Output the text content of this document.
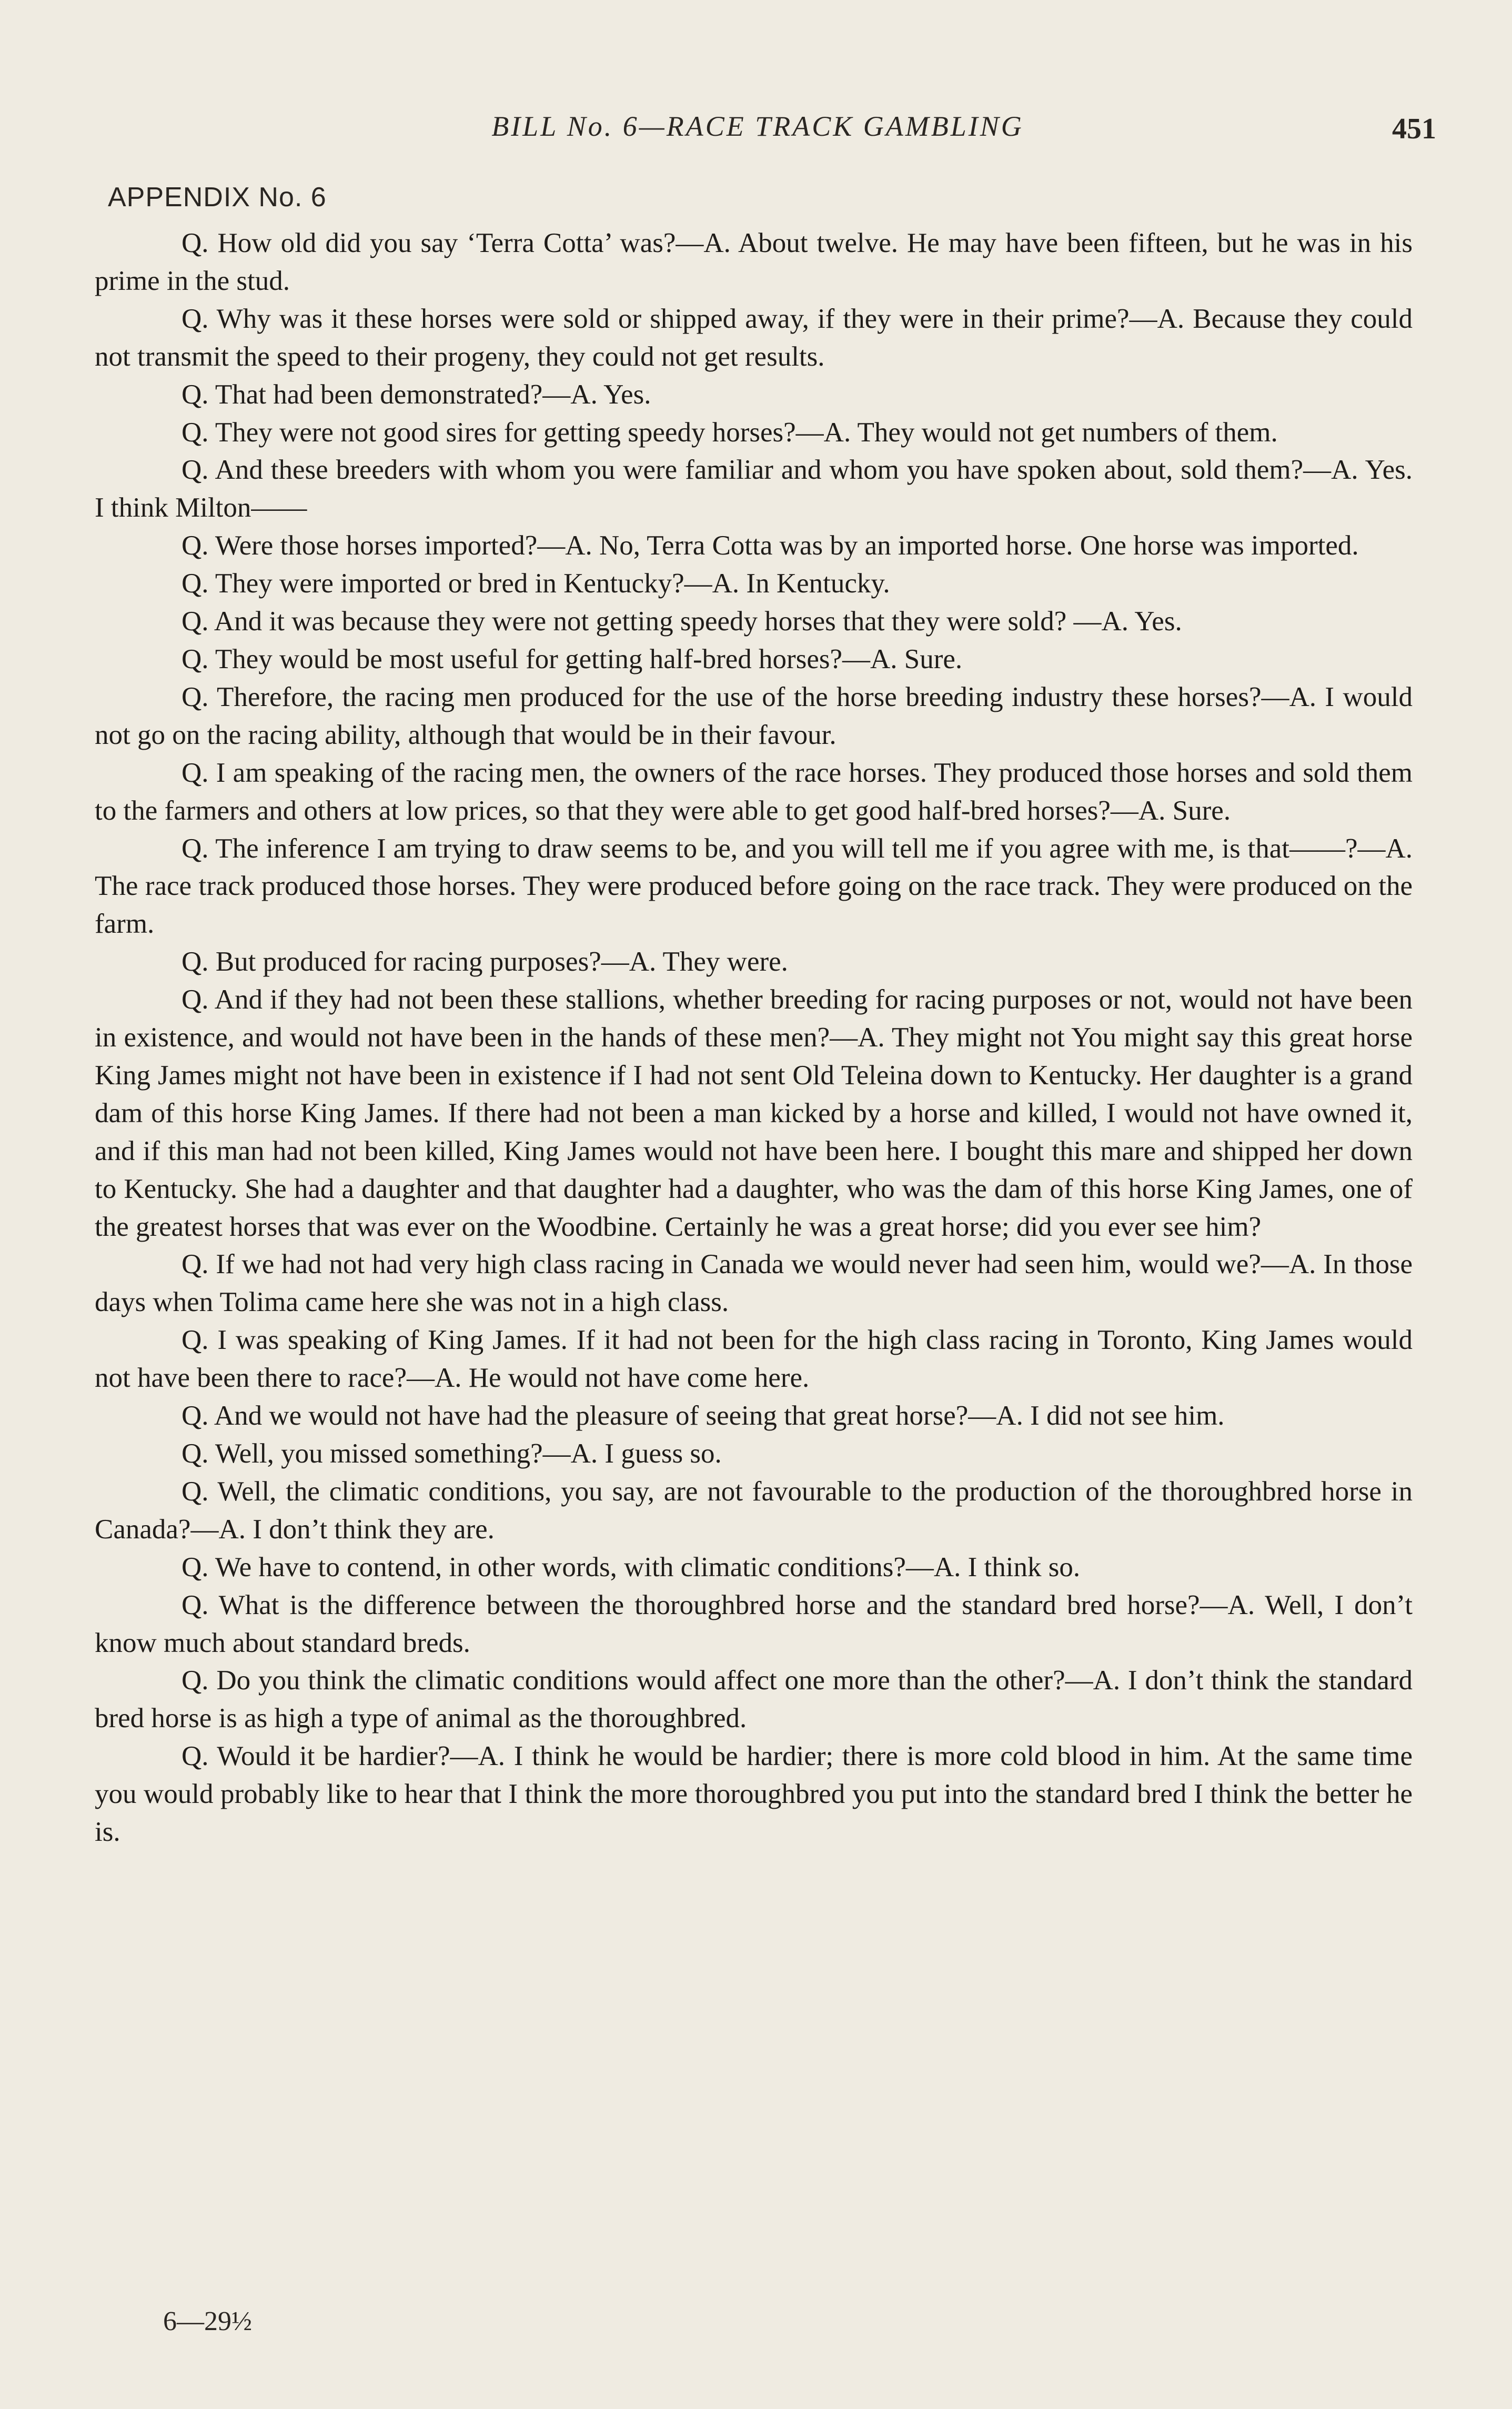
BILL No. 6—RACE TRACK GAMBLING	451
APPENDIX No. 6

Q. How old did you say ‘Terra Cotta’ was?—A. About twelve. He may have been fifteen, but he was in his prime in the stud.

Q. Why was it these horses were sold or shipped away, if they were in their prime?—A. Because they could not transmit the speed to their progeny, they could not get results.

Q. That had been demonstrated?—A. Yes.

Q. They were not good sires for getting speedy horses?—A. They would not get numbers of them.

Q. And these breeders with whom you were familiar and whom you have spoken about, sold them?—A. Yes. I think Milton——

Q. Were those horses imported?—A. No, Terra Cotta was by an imported horse. One horse was imported.

Q. They were imported or bred in Kentucky?—A. In Kentucky.

Q. And it was because they were not getting speedy horses that they were sold? —A. Yes.

Q. They would be most useful for getting half-bred horses?—A. Sure.

Q. Therefore, the racing men produced for the use of the horse breeding industry these horses?—A. I would not go on the racing ability, although that would be in their favour.

Q. I am speaking of the racing men, the owners of the race horses. They produced those horses and sold them to the farmers and others at low prices, so that they were able to get good half-bred horses?—A. Sure.

Q. The inference I am trying to draw seems to be, and you will tell me if you agree with me, is that——?—A. The race track produced those horses. They were produced before going on the race track. They were produced on the farm.

Q. But produced for racing purposes?—A. They were.

Q. And if they had not been these stallions, whether breeding for racing purposes or not, would not have been in existence, and would not have been in the hands of these men?—A. They might not You might say this great horse King James might not have been in existence if I had not sent Old Teleina down to Kentucky. Her daughter is a grand dam of this horse King James. If there had not been a man kicked by a horse and killed, I would not have owned it, and if this man had not been killed, King James would not have been here. I bought this mare and shipped her down to Kentucky. She had a daughter and that daughter had a daughter, who was the dam of this horse King James, one of the greatest horses that was ever on the Woodbine. Certainly he was a great horse; did you ever see him?

Q. If we had not had very high class racing in Canada we would never had seen him, would we?—A. In those days when Tolima came here she was not in a high class.

Q. I was speaking of King James. If it had not been for the high class racing in Toronto, King James would not have been there to race?—A. He would not have come here.

Q. And we would not have had the pleasure of seeing that great horse?—A. I did not see him.

Q. Well, you missed something?—A. I guess so.

Q. Well, the climatic conditions, you say, are not favourable to the production of the thoroughbred horse in Canada?—A. I don’t think they are.

Q. We have to contend, in other words, with climatic conditions?—A. I think so.

Q. What is the difference between the thoroughbred horse and the standard bred horse?—A. Well, I don’t know much about standard breds.

Q. Do you think the climatic conditions would affect one more than the other?—A. I don’t think the standard bred horse is as high a type of animal as the thoroughbred.

Q. Would it be hardier?—A. I think he would be hardier; there is more cold blood in him. At the same time you would probably like to hear that I think the more thoroughbred you put into the standard bred I think the better he is.

6—29½
